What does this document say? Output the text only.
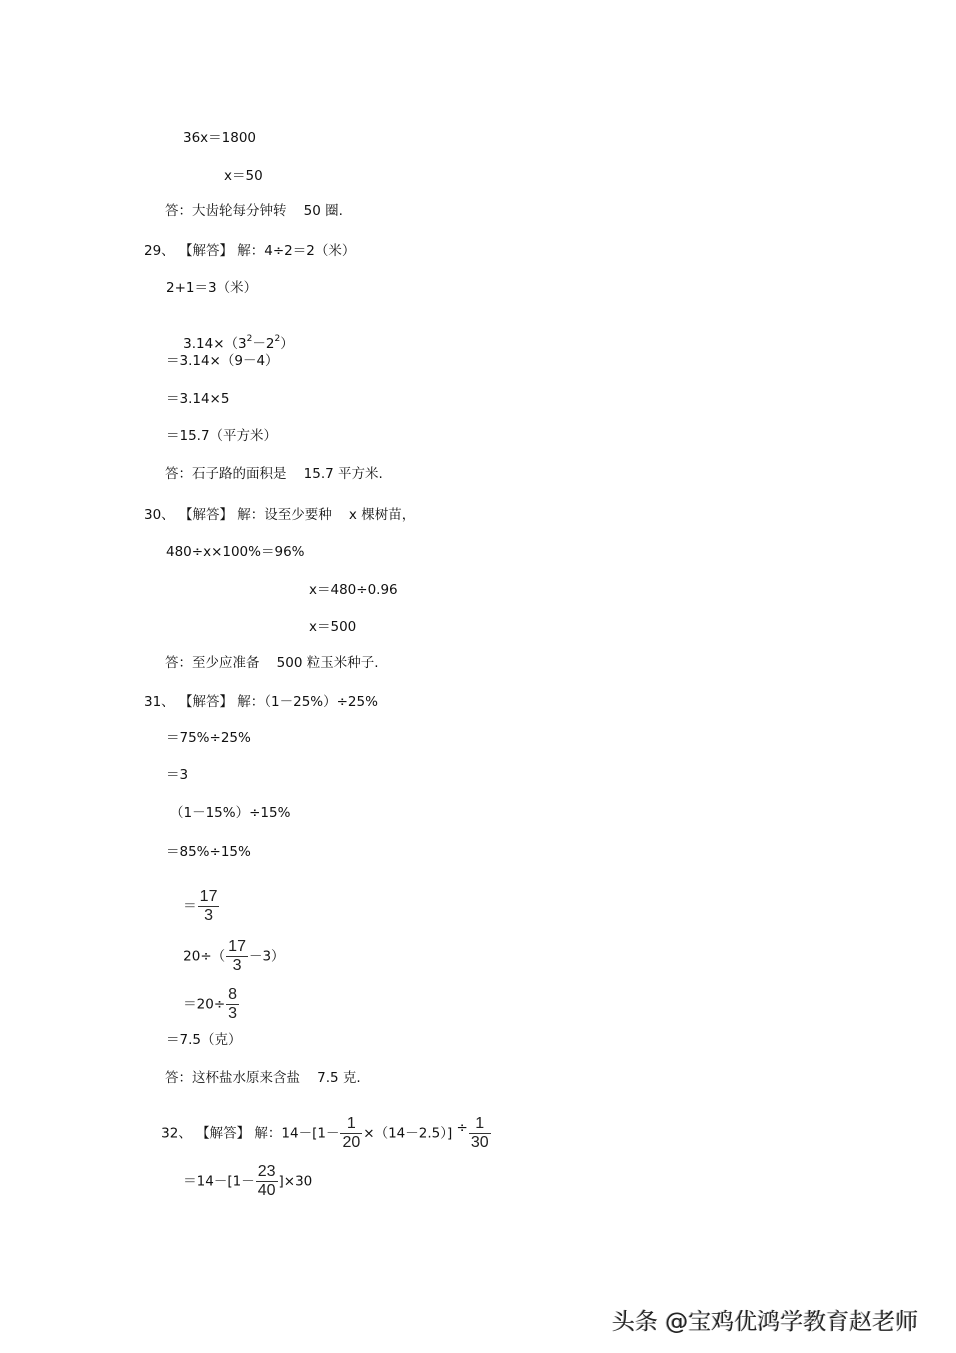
36x＝1800
x＝50
答：大齿轮每分钟转    50 圈.
29、 【解答】 解：4÷2＝2（米）
2+1＝3（米）

$3.14\times(3^2-2^2)$

＝3.14×（9－4）
＝3.14×5
＝15.7（平方米）
答：石子路的面积是    15.7 平方米.
30、 【解答】 解：设至少要种    x 棵树苗，
480÷x×100%＝96%
x＝480÷0.96
x＝500
答：至少应准备    500 粒玉米种子.
31、 【解答】 解：（1－25%）÷25%
＝75%÷25%
＝3
（1－15%）÷15%
＝85%÷15%

＝ $\frac{17}{3}$

$20\div( \frac{17}{3} -3)$

$=20\div \frac{8}{3}$

＝7.5（克）
答：这杯盐水原来含盐    7.5 克.

32、 【解答】 解：$14-[1- \frac{1}{20} \times(14-2.5)] \div \frac{1}{30}$

$=14-[1- \frac{23}{40} ]\times 30$

头条 @宝鸡优鸿学教育赵老师
